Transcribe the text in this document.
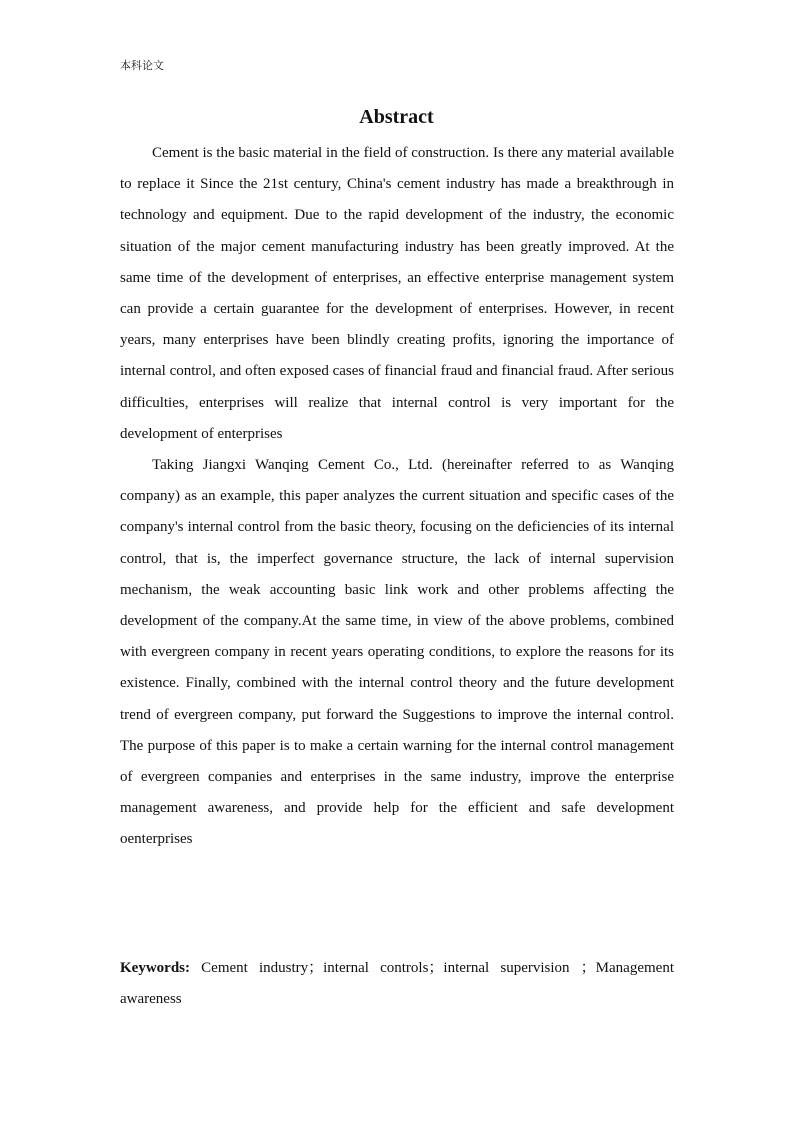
本科论文
Abstract

Cement is the basic material in the field of construction. Is there any material available to replace it Since the 21st century, China's cement industry has made a breakthrough in technology and equipment. Due to the rapid development of the industry, the economic situation of the major cement manufacturing industry has been greatly improved. At the same time of the development of enterprises, an effective enterprise management system can provide a certain guarantee for the development of enterprises. However, in recent years, many enterprises have been blindly creating profits, ignoring the importance of internal control, and often exposed cases of financial fraud and financial fraud. After serious difficulties, enterprises will realize that internal control is very important for the development of enterprises

Taking Jiangxi Wanqing Cement Co., Ltd. (hereinafter referred to as Wanqing company) as an example, this paper analyzes the current situation and specific cases of the company's internal control from the basic theory, focusing on the deficiencies of its internal control, that is, the imperfect governance structure, the lack of internal supervision mechanism, the weak accounting basic link work and other problems affecting the development of the company.At the same time, in view of the above problems, combined with evergreen company in recent years operating conditions, to explore the reasons for its existence. Finally, combined with the internal control theory and the future development trend of evergreen company, put forward the Suggestions to improve the internal control. The purpose of this paper is to make a certain warning for the internal control management of evergreen companies and enterprises in the same industry, improve the enterprise management awareness, and provide help for the efficient and safe development oenterprises

Keywords: Cement industry；internal controls；internal supervision ；Management awareness
